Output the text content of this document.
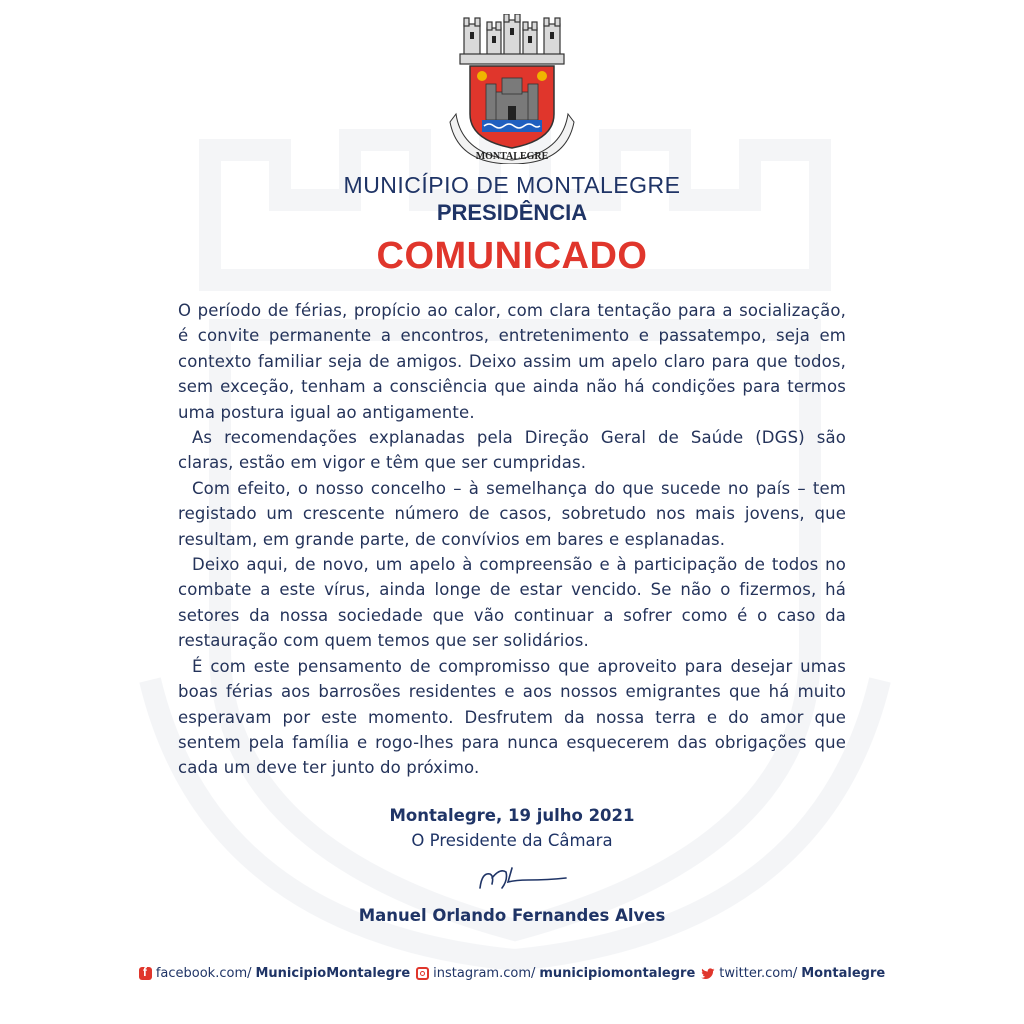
MONTALEGRE
MUNICÍPIO DE MONTALEGRE
PRESIDÊNCIA
COMUNICADO

O período de férias, propício ao calor, com clara tentação para a socialização, é convite permanente a encontros, entretenimento e passatempo, seja em contexto familiar seja de amigos. Deixo assim um apelo claro para que todos, sem exceção, tenham a consciência que ainda não há condições para termos uma postura igual ao antigamente.

As recomendações explanadas pela Direção Geral de Saúde (DGS) são claras, estão em vigor e têm que ser cumpridas.

Com efeito, o nosso concelho – à semelhança do que sucede no país – tem registado um crescente número de casos, sobretudo nos mais jovens, que resultam, em grande parte, de convívios em bares e esplanadas.

Deixo aqui, de novo, um apelo à compreensão e à participação de todos no combate a este vírus, ainda longe de estar vencido. Se não o fizermos, há setores da nossa sociedade que vão continuar a sofrer como é o caso da restauração com quem temos que ser solidários.

É com este pensamento de compromisso que aproveito para desejar umas boas férias aos barrosões residentes e aos nossos emigrantes que há muito esperavam por este momento. Desfrutem da nossa terra e do amor que sentem pela família e rogo-lhes para nunca esquecerem das obrigações que cada um deve ter junto do próximo.

Montalegre, 19 julho 2021
O Presidente da Câmara
Manuel Orlando Fernandes Alves
f
facebook.com/ MunicipioMontalegre instagram.com/ municipiomontalegre twitter.com/ Montalegre
